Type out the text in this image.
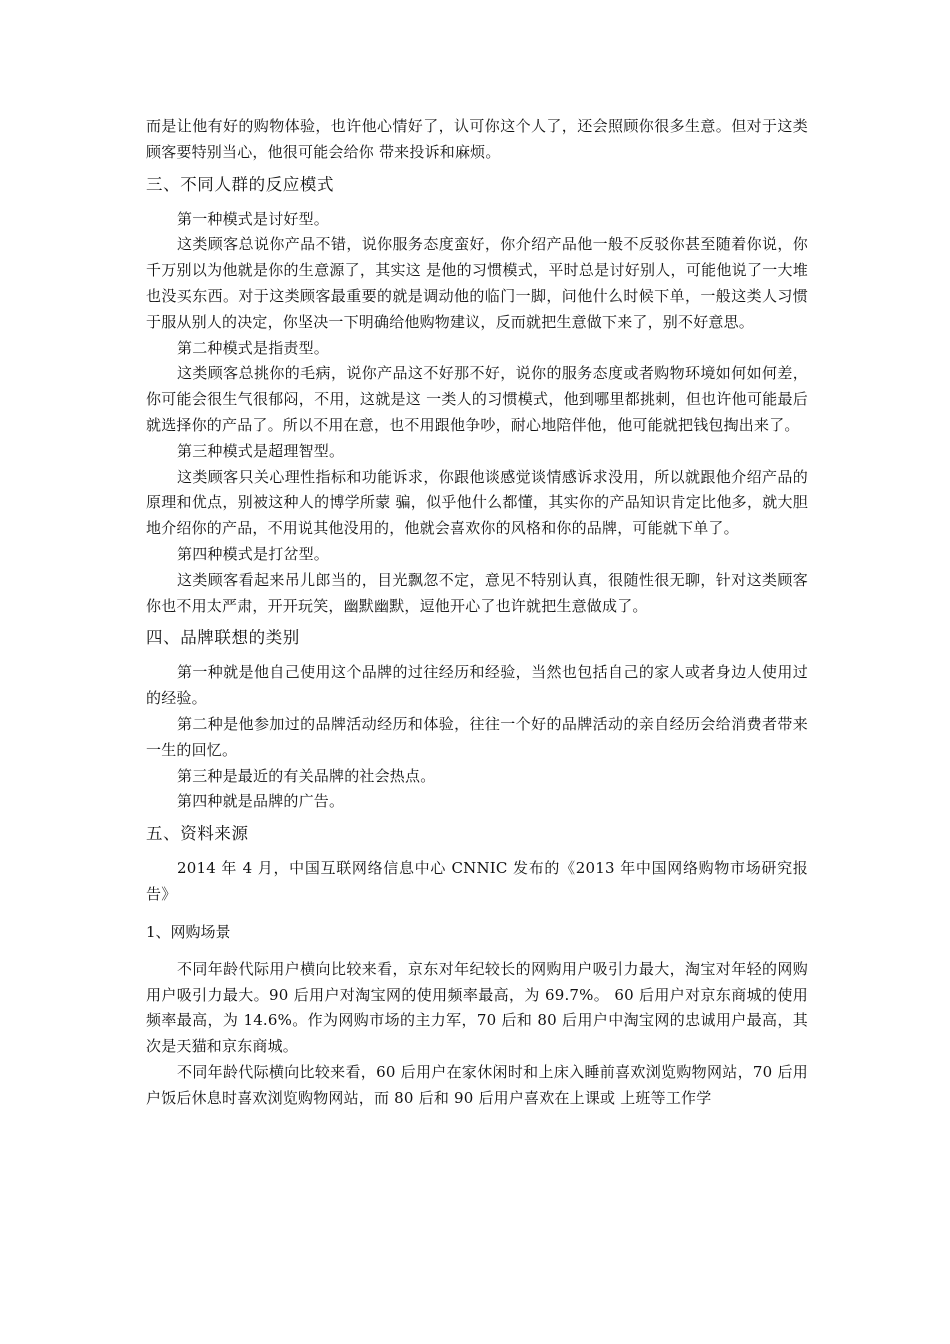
而是让他有好的购物体验，也许他心情好了，认可你这个人了，还会照顾你很多生意。但对于这类顾客要特别当心，他很可能会给你 带来投诉和麻烦。

三、不同人群的反应模式

第一种模式是讨好型。

这类顾客总说你产品不错，说你服务态度蛮好，你介绍产品他一般不反驳你甚至随着你说，你千万别以为他就是你的生意源了，其实这 是他的习惯模式，平时总是讨好别人，可能他说了一大堆也没买东西。对于这类顾客最重要的就是调动他的临门一脚，问他什么时候下单，一般这类人习惯于服从别人的决定，你坚决一下明确给他购物建议，反而就把生意做下来了，别不好意思。

第二种模式是指责型。

这类顾客总挑你的毛病，说你产品这不好那不好，说你的服务态度或者购物环境如何如何差，你可能会很生气很郁闷，不用，这就是这 一类人的习惯模式，他到哪里都挑刺，但也许他可能最后就选择你的产品了。所以不用在意，也不用跟他争吵，耐心地陪伴他，他可能就把钱包掏出来了。

第三种模式是超理智型。

这类顾客只关心理性指标和功能诉求，你跟他谈感觉谈情感诉求没用，所以就跟他介绍产品的原理和优点，别被这种人的博学所蒙 骗，似乎他什么都懂，其实你的产品知识肯定比他多，就大胆地介绍你的产品，不用说其他没用的，他就会喜欢你的风格和你的品牌，可能就下单了。

第四种模式是打岔型。

这类顾客看起来吊儿郎当的，目光飘忽不定，意见不特别认真，很随性很无聊，针对这类顾客你也不用太严肃，开开玩笑，幽默幽默，逗他开心了也许就把生意做成了。

四、品牌联想的类别

第一种就是他自己使用这个品牌的过往经历和经验，当然也包括自己的家人或者身边人使用过的经验。

第二种是他参加过的品牌活动经历和体验，往往一个好的品牌活动的亲自经历会给消费者带来一生的回忆。

第三种是最近的有关品牌的社会热点。

第四种就是品牌的广告。

五、资料来源

2014 年 4 月，中国互联网络信息中心 CNNIC 发布的《2013 年中国网络购物市场研究报告》

1、网购场景

不同年龄代际用户横向比较来看，京东对年纪较长的网购用户吸引力最大，淘宝对年轻的网购用户吸引力最大。90 后用户对淘宝网的使用频率最高，为 69.7%。 60 后用户对京东商城的使用频率最高，为 14.6%。作为网购市场的主力军，70 后和 80 后用户中淘宝网的忠诚用户最高，其次是天猫和京东商城。

不同年龄代际横向比较来看，60 后用户在家休闲时和上床入睡前喜欢浏览购物网站，70 后用户饭后休息时喜欢浏览购物网站，而 80 后和 90 后用户喜欢在上课或 上班等工作学
